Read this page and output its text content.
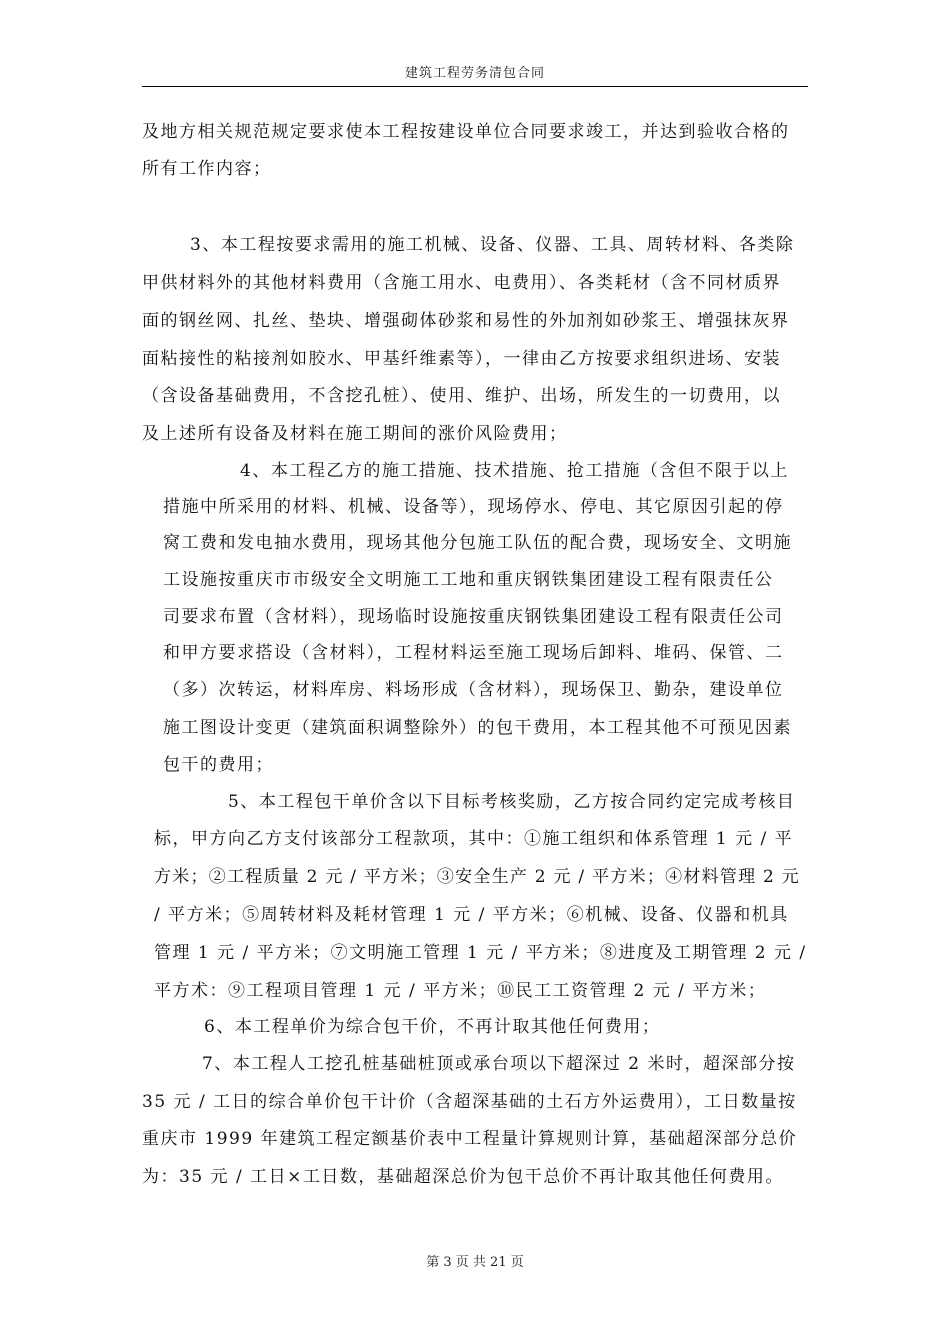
建筑工程劳务清包合同
及地方相关规范规定要求使本工程按建设单位合同要求竣工，并达到验收合格的
所有工作内容；
3、本工程按要求需用的施工机械、设备、仪器、工具、周转材料、各类除
甲供材料外的其他材料费用（含施工用水、电费用）、各类耗材（含不同材质界
面的钢丝网、扎丝、垫块、增强砌体砂浆和易性的外加剂如砂浆王、增强抹灰界
面粘接性的粘接剂如胶水、甲基纤维素等），一律由乙方按要求组织进场、安装
（含设备基础费用，不含挖孔桩）、使用、维护、出场，所发生的一切费用，以
及上述所有设备及材料在施工期间的涨价风险费用；
4、本工程乙方的施工措施、技术措施、抢工措施（含但不限于以上
措施中所采用的材料、机械、设备等），现场停水、停电、其它原因引起的停
窝工费和发电抽水费用，现场其他分包施工队伍的配合费，现场安全、文明施
工设施按重庆市市级安全文明施工工地和重庆钢铁集团建设工程有限责任公
司要求布置（含材料），现场临时设施按重庆钢铁集团建设工程有限责任公司
和甲方要求搭设（含材料），工程材料运至施工现场后卸料、堆码、保管、二
（多）次转运，材料库房、料场形成（含材料），现场保卫、勤杂，建设单位
施工图设计变更（建筑面积调整除外）的包干费用，本工程其他不可预见因素
包干的费用；
5、本工程包干单价含以下目标考核奖励，乙方按合同约定完成考核目
标，甲方向乙方支付该部分工程款项，其中：①施工组织和体系管理 1 元 / 平
方米；②工程质量 2 元 / 平方米；③安全生产 2 元 / 平方米；④材料管理 2 元
/ 平方米；⑤周转材料及耗材管理 1 元 / 平方米；⑥机械、设备、仪器和机具
管理 1 元 / 平方米；⑦文明施工管理 1 元 / 平方米；⑧进度及工期管理 2 元 /
平方术：⑨工程项目管理 1 元 / 平方米；⑩民工工资管理 2 元 / 平方米；
6、本工程单价为综合包干价，不再计取其他任何费用；
7、本工程人工挖孔桩基础桩顶或承台项以下超深过 2 米时，超深部分按
35 元 / 工日的综合单价包干计价（含超深基础的土石方外运费用），工日数量按
重庆市 1999 年建筑工程定额基价表中工程量计算规则计算，基础超深部分总价
为：35 元 / 工日×工日数，基础超深总价为包干总价不再计取其他任何费用。
第 3 页 共 21 页
